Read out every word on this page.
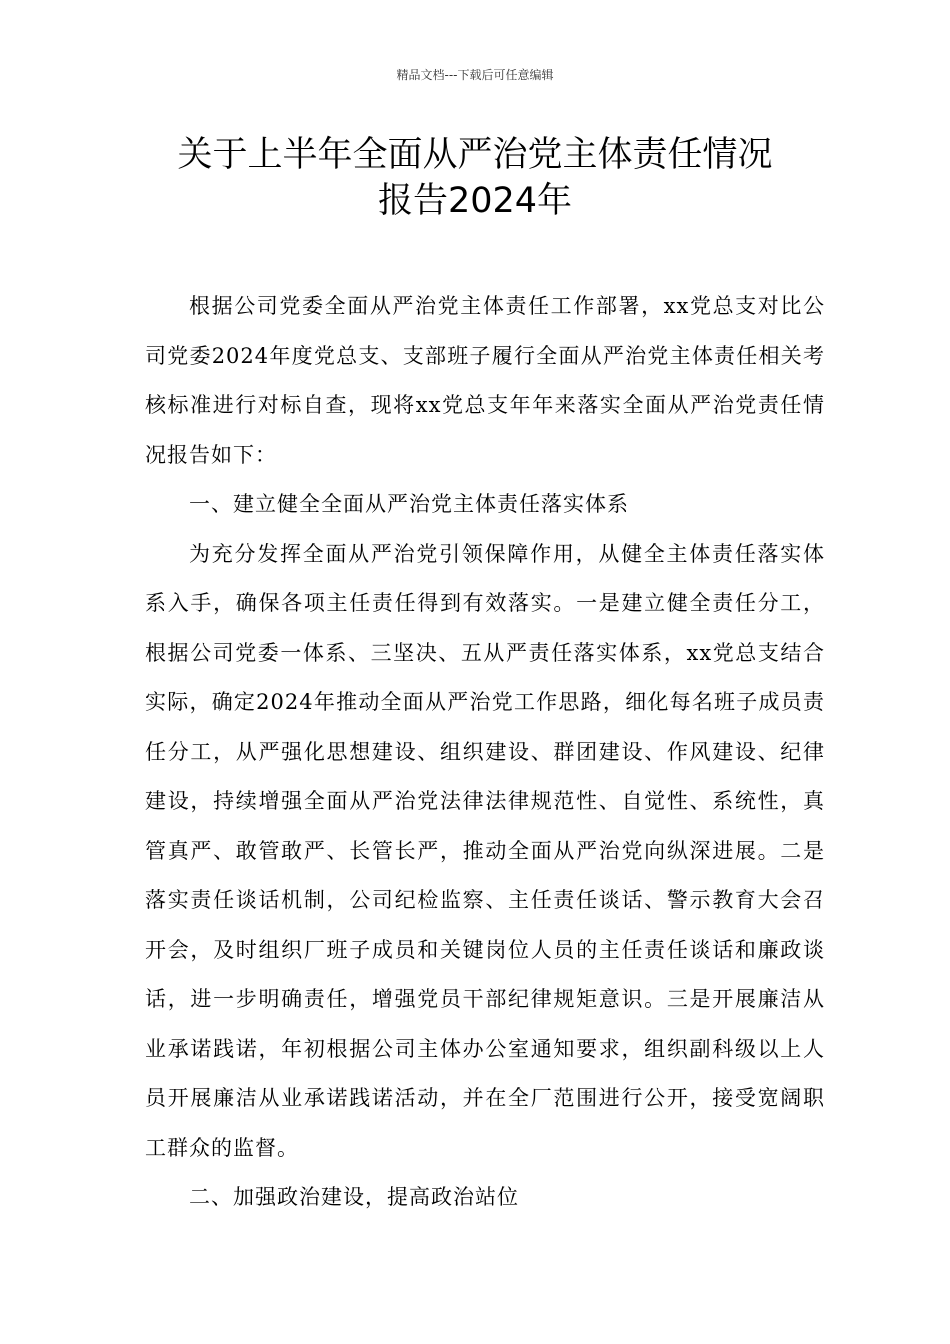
精品文档---下载后可任意编辑
关于上半年全面从严治党主体责任情况
报告2024年

根据公司党委全面从严治党主体责任工作部署，xx党总支对比公司党委2024年度党总支、支部班子履行全面从严治党主体责任相关考核标准进行对标自查，现将xx党总支年年来落实全面从严治党责任情况报告如下：

一、建立健全全面从严治党主体责任落实体系

为充分发挥全面从严治党引领保障作用，从健全主体责任落实体系入手，确保各项主任责任得到有效落实。一是建立健全责任分工，根据公司党委一体系、三坚决、五从严责任落实体系，xx党总支结合实际，确定2024年推动全面从严治党工作思路，细化每名班子成员责任分工，从严强化思想建设、组织建设、群团建设、作风建设、纪律建设，持续增强全面从严治党法律法律规范性、自觉性、系统性，真管真严、敢管敢严、长管长严，推动全面从严治党向纵深进展。二是落实责任谈话机制，公司纪检监察、主任责任谈话、警示教育大会召开会，及时组织厂班子成员和关键岗位人员的主任责任谈话和廉政谈话，进一步明确责任，增强党员干部纪律规矩意识。三是开展廉洁从业承诺践诺，年初根据公司主体办公室通知要求，组织副科级以上人员开展廉洁从业承诺践诺活动，并在全厂范围进行公开，接受宽阔职工群众的监督。

二、加强政治建设，提高政治站位
